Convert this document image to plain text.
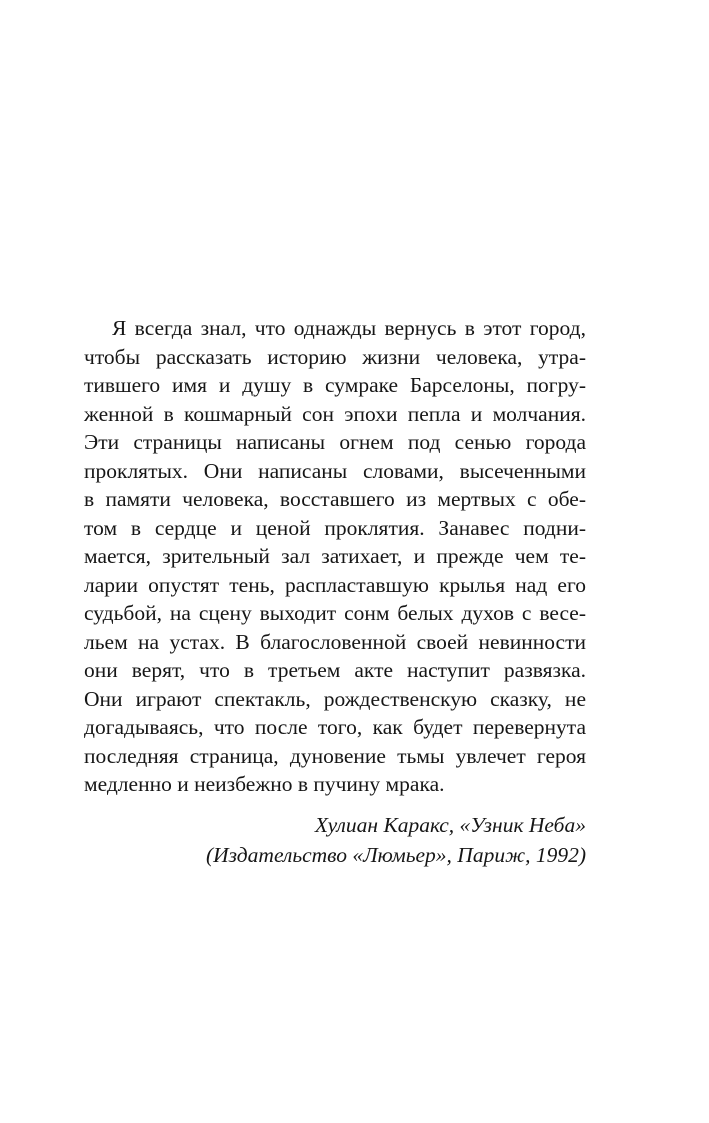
Я всегда знал, что однажды вернусь в этот город,
чтобы рассказать историю жизни человека, утра-
тившего имя и душу в сумраке Барселоны, погру-
женной в кошмарный сон эпохи пепла и молчания.
Эти страницы написаны огнем под сенью города
проклятых. Они написаны словами, высеченными
в памяти человека, восставшего из мертвых с обе-
том в сердце и ценой проклятия. Занавес подни-
мается, зрительный зал затихает, и прежде чем те-
ларии опустят тень, распластавшую крылья над его
судьбой, на сцену выходит сонм белых духов с весе-
льем на устах. В благословенной своей невинности
они верят, что в третьем акте наступит развязка.
Они играют спектакль, рождественскую сказку, не
догадываясь, что после того, как будет перевернута
последняя страница, дуновение тьмы увлечет героя
медленно и неизбежно в пучину мрака.
Хулиан Каракс, «Узник Неба»
(Издательство «Люмьер», Париж, 1992)
